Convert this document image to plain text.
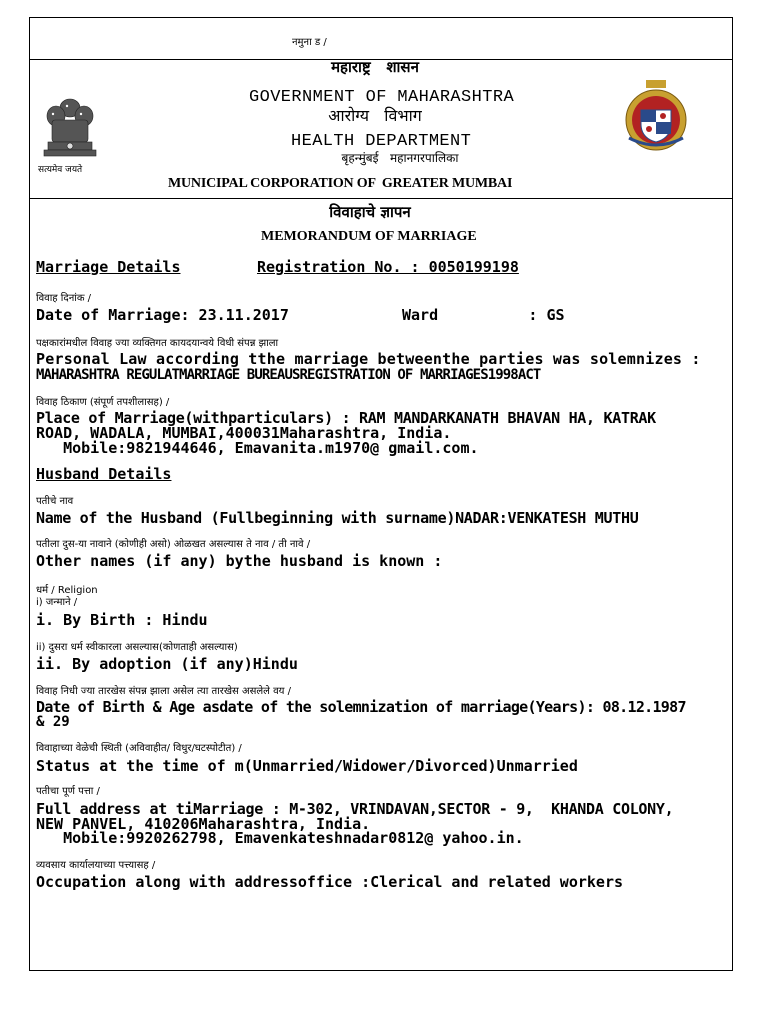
नमुना ड /
महाराष्ट्र   शासन
GOVERNMENT OF MAHARASHTRA
आरोग्य   विभाग
HEALTH DEPARTMENT
बृहन्मुंबई   महानगरपालिका
MUNICIPAL CORPORATION OF  GREATER MUMBAI
सत्यमेव जयते
विवाहाचे ज्ञापन
MEMORANDUM OF MARRIAGE
Marriage Details	Registration No. : 0050199198
विवाह दिनांक /
Date of Marriage: 23.11.2017	Ward          : GS
पक्षकारांमधील विवाह ज्या व्यक्तिगत कायदयान्वये विधी संपन्न झाला
Personal Law according tthe marriage betweenthe parties was solemnizes :
MAHARASHTRA REGULATMARRIAGE BUREAUSREGISTRATION OF MARRIAGES1998ACT
विवाह ठिकाण (संपूर्ण तपशीलासह) /
Place of Marriage(withparticulars) : RAM MANDARKANATH BHAVAN HA, KATRAK
ROAD, WADALA, MUMBAI,400031Maharashtra, India.
Mobile:9821944646, Emavanita.m1970@ gmail.com.
Husband Details
पतीचे नाव
Name of the Husband (Fullbeginning with surname)NADAR:VENKATESH MUTHU
पतीला दुस-या नावाने (कोणीही असो) ओळखत असल्यास ते नाव / ती नावे /
Other names (if any) bythe husband is known :
धर्म / Religion
i) जन्माने /
i. By Birth : Hindu
ii) दुसरा धर्म स्वीकारला असल्यास(कोणताही असल्यास)
ii. By adoption (if any)Hindu
विवाह निधी ज्या तारखेस संपन्न झाला असेल त्या तारखेस असलेले वय /
Date of Birth & Age asdate of the solemnization of marriage(Years): 08.12.1987
& 29
विवाहाच्या वेळेची स्थिती (अविवाहीत/ विधुर/घटस्पोटीत) /
Status at the time of m(Unmarried/Widower/Divorced)Unmarried
पतीचा पूर्ण पत्ता /
Full address at tiMarriage : M-302, VRINDAVAN,SECTOR - 9,  KHANDA COLONY,
NEW PANVEL, 410206Maharashtra, India.
Mobile:9920262798, Emavenkateshnadar0812@ yahoo.in.
व्यवसाय कार्यालयाच्या पत्त्यासह /
Occupation along with addressoffice :Clerical and related workers
